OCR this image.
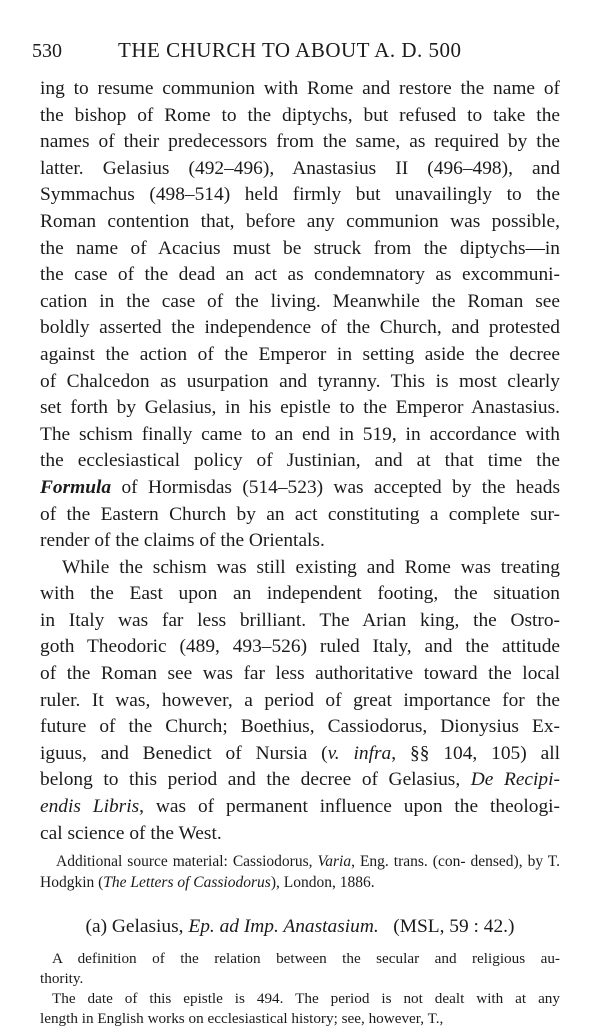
530	THE CHURCH TO ABOUT A. D. 500

ing to resume communion with Rome and restore the name of
the bishop of Rome to the diptychs, but refused to take the
names of their predecessors from the same, as required by the
latter. Gelasius (492–496), Anastasius II (496–498), and
Symmachus (498–514) held firmly but unavailingly to the
Roman contention that, before any communion was possible,
the name of Acacius must be struck from the diptychs—in
the case of the dead an act as condemnatory as excommuni-
cation in the case of the living. Meanwhile the Roman see
boldly asserted the independence of the Church, and protested
against the action of the Emperor in setting aside the decree
of Chalcedon as usurpation and tyranny. This is most clearly
set forth by Gelasius, in his epistle to the Emperor Anastasius.
The schism finally came to an end in 519, in accordance with
the ecclesiastical policy of Justinian, and at that time the
Formula of Hormisdas (514–523) was accepted by the heads
of the Eastern Church by an act constituting a complete sur-
render of the claims of the Orientals.

While the schism was still existing and Rome was treating
with the East upon an independent footing, the situation
in Italy was far less brilliant. The Arian king, the Ostro-
goth Theodoric (489, 493–526) ruled Italy, and the attitude
of the Roman see was far less authoritative toward the local
ruler. It was, however, a period of great importance for the
future of the Church; Boethius, Cassiodorus, Dionysius Ex-
iguus, and Benedict of Nursia (v. infra, §§ 104, 105) all
belong to this period and the decree of Gelasius, De Recipi-
endis Libris, was of permanent influence upon the theologi-
cal science of the West.

Additional source material: Cassiodorus, Varia, Eng. trans. (con- densed), by T. Hodgkin (The Letters of Cassiodorus), London, 1886.

(a) Gelasius, Ep. ad Imp. Anastasium. (MSL, 59 : 42.)

A definition of the relation between the secular and religious au-
thority.
The date of this epistle is 494. The period is not dealt with at any
length in English works on ecclesiastical history; see, however, T.,
